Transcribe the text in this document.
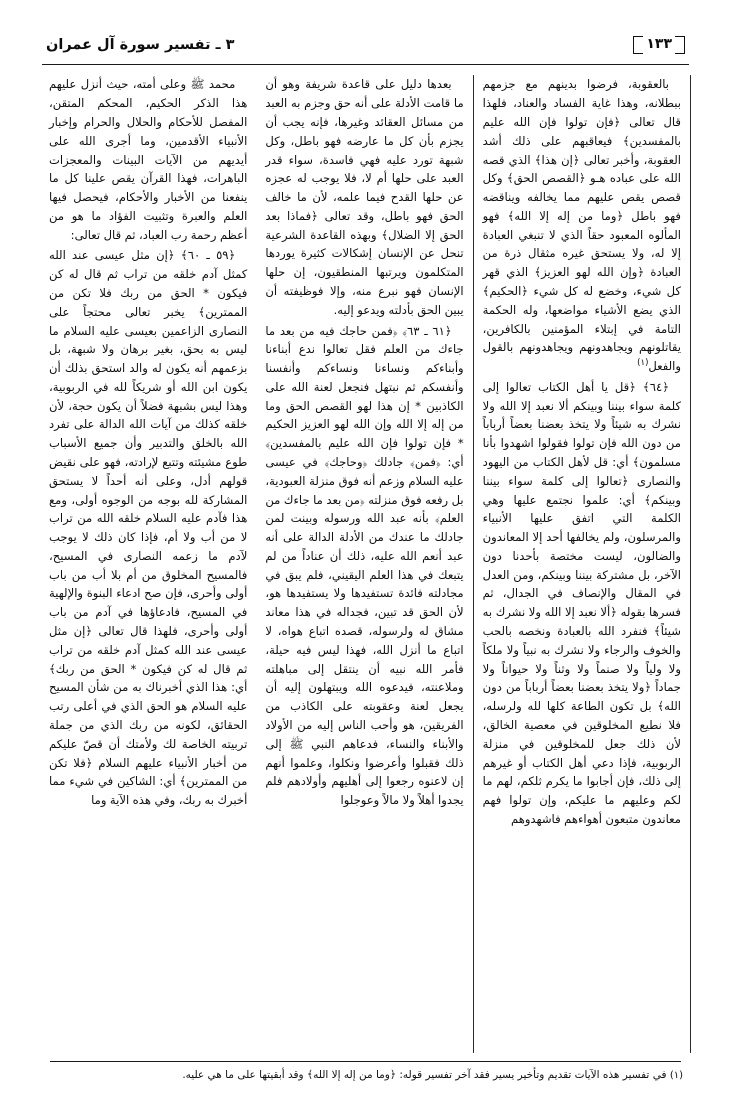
١٣٣
٣ ـ تفسير سورة آل عمران

محمد ﷺ وعلى أمته، حيث أنزل عليهم هذا الذكر الحكيم، المحكم المتقن، المفصل للأحكام والحلال والحرام وإخبار الأنبياء الأقدمين، وما أجرى الله على أيديهم من الآيات البينات والمعجزات الباهرات، فهذا القرآن يقص علينا كل ما ينفعنا من الأخبار والأحكام، فيحصل فيها العلم والعبرة وتثبيت الفؤاد ما هو من أعظم رحمة رب العباد، ثم قال تعالى:

﴿٥٩ ـ ٦٠﴾ ﴿إن مثل عيسى عند الله كمثل آدم خلقه من تراب ثم قال له كن فيكون * الحق من ربك فلا تكن من الممترين﴾ يخبر تعالى محتجاً على النصارى الزاعمين بعيسى عليه السلام ما ليس به بحق، بغير برهان ولا شبهة، بل بزعمهم أنه يكون له والد استحق بذلك أن يكون ابن الله أو شريكاً لله في الربوبية، وهذا ليس بشبهة فضلاً أن يكون حجة، لأن خلقه كذلك من آيات الله الدالة على تفرد الله بالخلق والتدبير وأن جميع الأسباب طوع مشيئته وتتبع لإرادته، فهو على نقيض قولهم أدل، وعلى أنه أحداً لا يستحق المشاركة لله بوجه من الوجوه أولى، ومع هذا فآدم عليه السلام خلقه الله من تراب لا من أب ولا أم، فإذا كان ذلك لا يوجب لآدم ما زعمه النصارى في المسيح، فالمسيح المخلوق من أم بلا أب من باب أولى وأحرى، فإن صح ادعاء البنوة والإلهية في المسيح، فادعاؤها في آدم من باب أولى وأحرى، فلهذا قال تعالى ﴿إن مثل عيسى عند الله كمثل آدم خلقه من تراب ثم قال له كن فيكون * الحق من ربك﴾ أي: هذا الذي أخبرناك به من شأن المسيح عليه السلام هو الحق الذي في أعلى رتب الحقائق، لكونه من ربك الذي من جملة تربيته الخاصة لك ولأمتك أن قصّ عليكم من أخبار الأنبياء عليهم السلام ﴿فلا تكن من الممترين﴾ أي: الشاكين في شيء مما أخبرك به ربك، وفي هذه الآية وما

بعدها دليل على قاعدة شريفة وهو أن ما قامت الأدلة على أنه حق وجزم به العبد من مسائل العقائد وغيرها، فإنه يجب أن يجزم بأن كل ما عارضه فهو باطل، وكل شبهة تورد عليه فهي فاسدة، سواء قدر العبد على حلها أم لا، فلا يوجب له عجزه عن حلها القدح فيما علمه، لأن ما خالف الحق فهو باطل، وقد تعالى ﴿فماذا بعد الحق إلا الضلال﴾ وبهذه القاعدة الشرعية تنحل عن الإنسان إشكالات كثيرة يوردها المتكلمون ويرتبها المنطقيون، إن حلها الإنسان فهو نبرع منه، وإلا فوظيفته أن يبين الحق بأدلته ويدعو إليه.

﴿٦١ ـ ٦٣﴾ ﴿فمن حاجك فيه من بعد ما جاءك من العلم فقل تعالوا ندع أبناءنا وأبناءكم ونساءنا ونساءكم وأنفسنا وأنفسكم ثم نبتهل فنجعل لعنة الله على الكاذبين * إن هذا لهو القصص الحق وما من إله إلا الله وإن الله لهو العزيز الحكيم * فإن تولوا فإن الله عليم بالمفسدين﴾ أي: ﴿فمن﴾ جادلك ﴿وحاجك﴾ في عيسى عليه السلام وزعم أنه فوق منزلة العبودية، بل رفعه فوق منزلته ﴿من بعد ما جاءك من العلم﴾ بأنه عبد الله ورسوله وبينت لمن جادلك ما عندك من الأدلة الدالة على أنه عبد أنعم الله عليه، ذلك أن عناداً من لم يتبعك في هذا العلم اليقيني، فلم يبق في مجادلته فائدة تستفيدها ولا يستفيدها هو، لأن الحق قد تبين، فجداله في هذا معاند مشاق له ولرسوله، قصده اتباع هواه، لا اتباع ما أنزل الله، فهذا ليس فيه حيلة، فأمر الله نبيه أن ينتقل إلى مباهلته وملاعنته، فيدعوه الله ويبتهلون إليه أن يجعل لعنة وعقوبته على الكاذب من الفريقين، هو وأحب الناس إليه من الأولاد والأبناء والنساء، فدعاهم النبي ﷺ إلى ذلك فقبلوا وأعرضوا ونكلوا، وعلموا أنهم إن لاعنوه رجعوا إلى أهليهم وأولادهم فلم يجدوا أهلاً ولا مالاً وعوجلوا

بالعقوبة، فرضوا بدينهم مع جزمهم ببطلانه، وهذا غاية الفساد والعناد، فلهذا قال تعالى ﴿فإن تولوا فإن الله عليم بالمفسدين﴾ فيعاقبهم على ذلك أشد العقوبة، وأخبر تعالى ﴿إن هذا﴾ الذي قصه الله على عباده هـو ﴿القصص الحق﴾ وكل قصص يقص عليهم مما يخالفه ويناقضه فهو باطل ﴿وما من إله إلا الله﴾ فهو المألوه المعبود حقاً الذي لا تنبغي العبادة إلا له، ولا يستحق غيره مثقال ذرة من العبادة ﴿وإن الله لهو العزيز﴾ الذي قهر كل شيء، وخضع له كل شيء ﴿الحكيم﴾ الذي يضع الأشياء مواضعها، وله الحكمة التامة في إبتلاء المؤمنين بالكافرين، يقاتلونهم ويجاهدونهم ويجاهدونهم بالقول والفعل$^{(١)}$

﴿٦٤﴾ ﴿قل يا أهل الكتاب تعالوا إلى كلمة سواء بيننا وبينكم ألا نعبد إلا الله ولا نشرك به شيئاً ولا يتخذ بعضنا بعضاً أرباباً من دون الله فإن تولوا فقولوا اشهدوا بأنا مسلمون﴾ أي: قل لأهل الكتاب من اليهود والنصارى ﴿تعالوا إلى كلمة سواء بيننا وبينكم﴾ أي: علموا نجتمع عليها وهي الكلمة التي اتفق عليها الأنبياء والمرسلون، ولم يخالفها أحد إلا المعاندون والضالون، ليست مختصة بأحدنا دون الآخر، بل مشتركة بيننا وبينكم، ومن العدل في المقال والإنصاف في الجدال، ثم فسرها بقوله ﴿ألا نعبد إلا الله ولا نشرك به شيئاً﴾ فنفرد الله بالعبادة ونخصه بالحب والخوف والرجاء ولا نشرك به نبياً ولا ملكاً ولا ولياً ولا صنماً ولا وثناً ولا حيواناً ولا جماداً ﴿ولا يتخذ بعضنا بعضاً أرباباً من دون الله﴾ بل تكون الطاعة كلها لله ولرسله، فلا نطيع المخلوقين في معصية الخالق، لأن ذلك جعل للمخلوقين في منزلة الربوبية، فإذا دعي أهل الكتاب أو غيرهم إلى ذلك، فإن أجابوا ما يكرم ثلكم، لهم ما لكم وعليهم ما عليكم، وإن تولوا فهم معاندون متبعون أهواءهم فاشهدوهم

(١) في تفسير هذه الآيات تقديم وتأخير يسير فقد آخر تفسير قوله: ﴿وما من إله إلا الله﴾ وقد أبقيتها على ما هي عليه.
